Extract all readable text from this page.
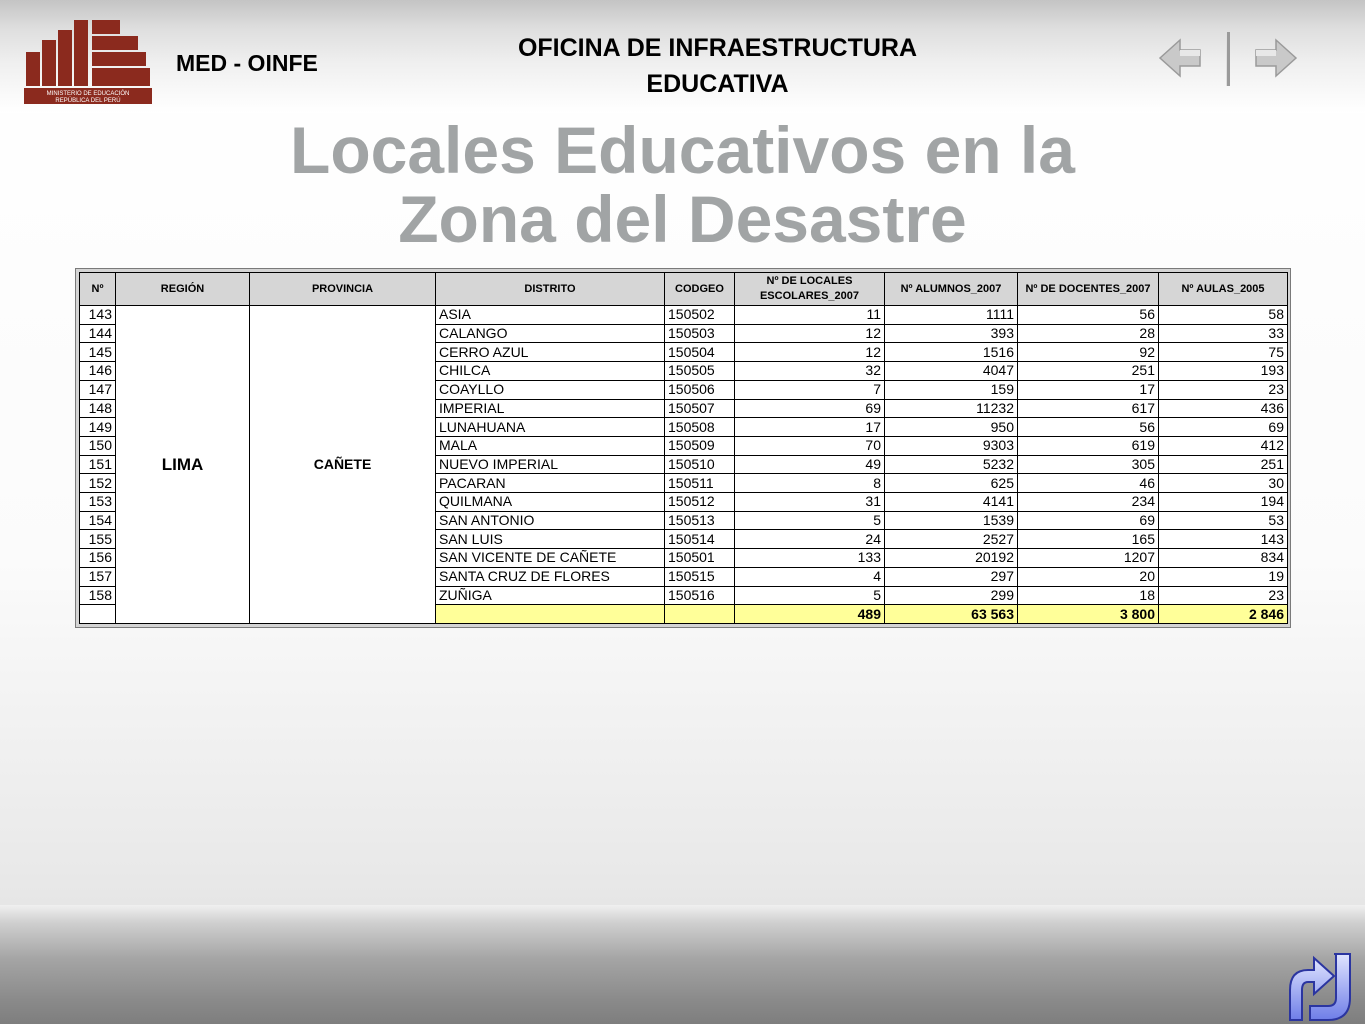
MINISTERIO DE EDUCACIÓN
REPÚBLICA DEL PERÚ
MED - OINFE
OFICINA DE INFRAESTRUCTURA
EDUCATIVA
Locales Educativos en la
Zona del Desastre
Nº	REGIÓN	PROVINCIA	DISTRITO	CODGEO	Nº DE LOCALES ESCOLARES_2007	Nº ALUMNOS_2007	Nº DE DOCENTES_2007	Nº AULAS_2005
143	LIMA	CAÑETE	ASIA	150502	11	1111	56	58
144			CALANGO	150503	12	393	28	33
145			CERRO AZUL	150504	12	1516	92	75
146			CHILCA	150505	32	4047	251	193
147			COAYLLO	150506	7	159	17	23
148			IMPERIAL	150507	69	11232	617	436
149			LUNAHUANA	150508	17	950	56	69
150			MALA	150509	70	9303	619	412
151			NUEVO IMPERIAL	150510	49	5232	305	251
152			PACARAN	150511	8	625	46	30
153			QUILMANA	150512	31	4141	234	194
154			SAN ANTONIO	150513	5	1539	69	53
155			SAN LUIS	150514	24	2527	165	143
156			SAN VICENTE DE CAÑETE	150501	133	20192	1207	834
157			SANTA CRUZ DE FLORES	150515	4	297	20	19
158			ZUÑIGA	150516	5	299	18	23
					489	63 563	3 800	2 846
